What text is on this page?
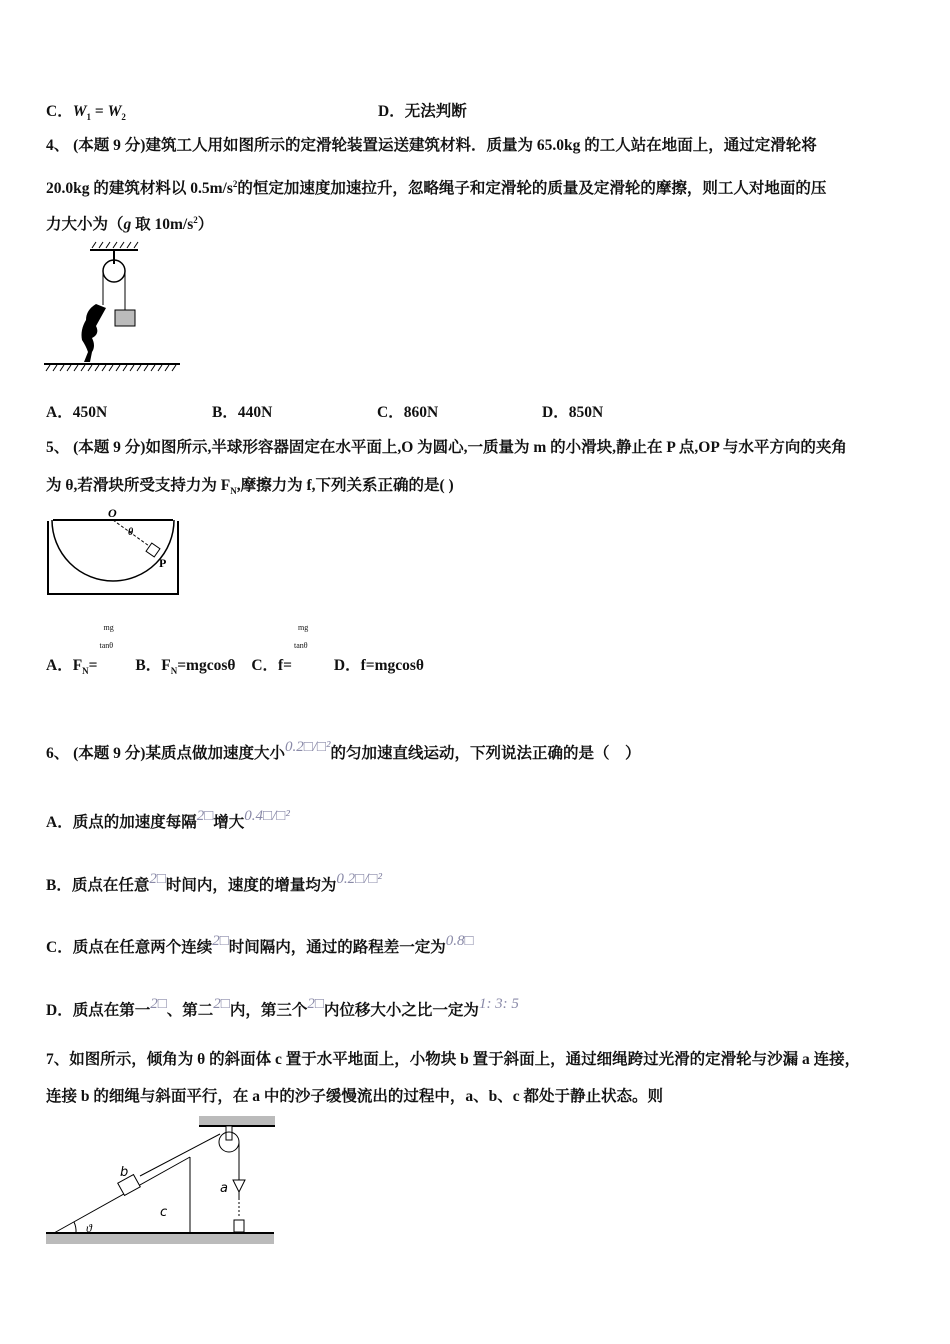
C．$W_1 = W_2$	D．无法判断
4、 (本题 9 分)建筑工人用如图所示的定滑轮装置运送建筑材料．质量为 65.0kg 的工人站在地面上，通过定滑轮将
20.0kg 的建筑材料以 $0.5m/s^2$的恒定加速度加速拉升，忽略绳子和定滑轮的质量及定滑轮的摩擦，则工人对地面的压
力大小为（g 取 $10m/s^2$）
A．450N	B．440N	C．860N	D．850N
5、 (本题 9 分)如图所示,半球形容器固定在水平面上,O 为圆心,一质量为 m 的小滑块,静止在 P 点,OP 与水平方向的夹角
为 θ,若滑块所受支持力为 $F_N$,摩擦力为 f,下列关系正确的是( )
O
θ
P
A．$F_N=$
mg
tanθ
B．$F_N=mgcos\theta$ C．f=
mg
tanθ
D．f=mgcosθ
6、 (本题 9 分)某质点做加速度大小0.2□/□²的匀加速直线运动，下列说法正确的是（　）
A．质点的加速度每隔2□增大0.4□/□²
B．质点在任意2□时间内，速度的增量均为0.2□/□²
C．质点在任意两个连续2□时间隔内，通过的路程差一定为0.8□
D．质点在第一2□、第二2□内，第三个2□内位移大小之比一定为1: 3: 5
7、如图所示，倾角为 θ 的斜面体 c 置于水平地面上，小物块 b 置于斜面上，通过细绳跨过光滑的定滑轮与沙漏 a 连接，
连接 b 的细绳与斜面平行，在 a 中的沙子缓慢流出的过程中，a、b、c 都处于静止状态。则
b
a
c
ϑ
